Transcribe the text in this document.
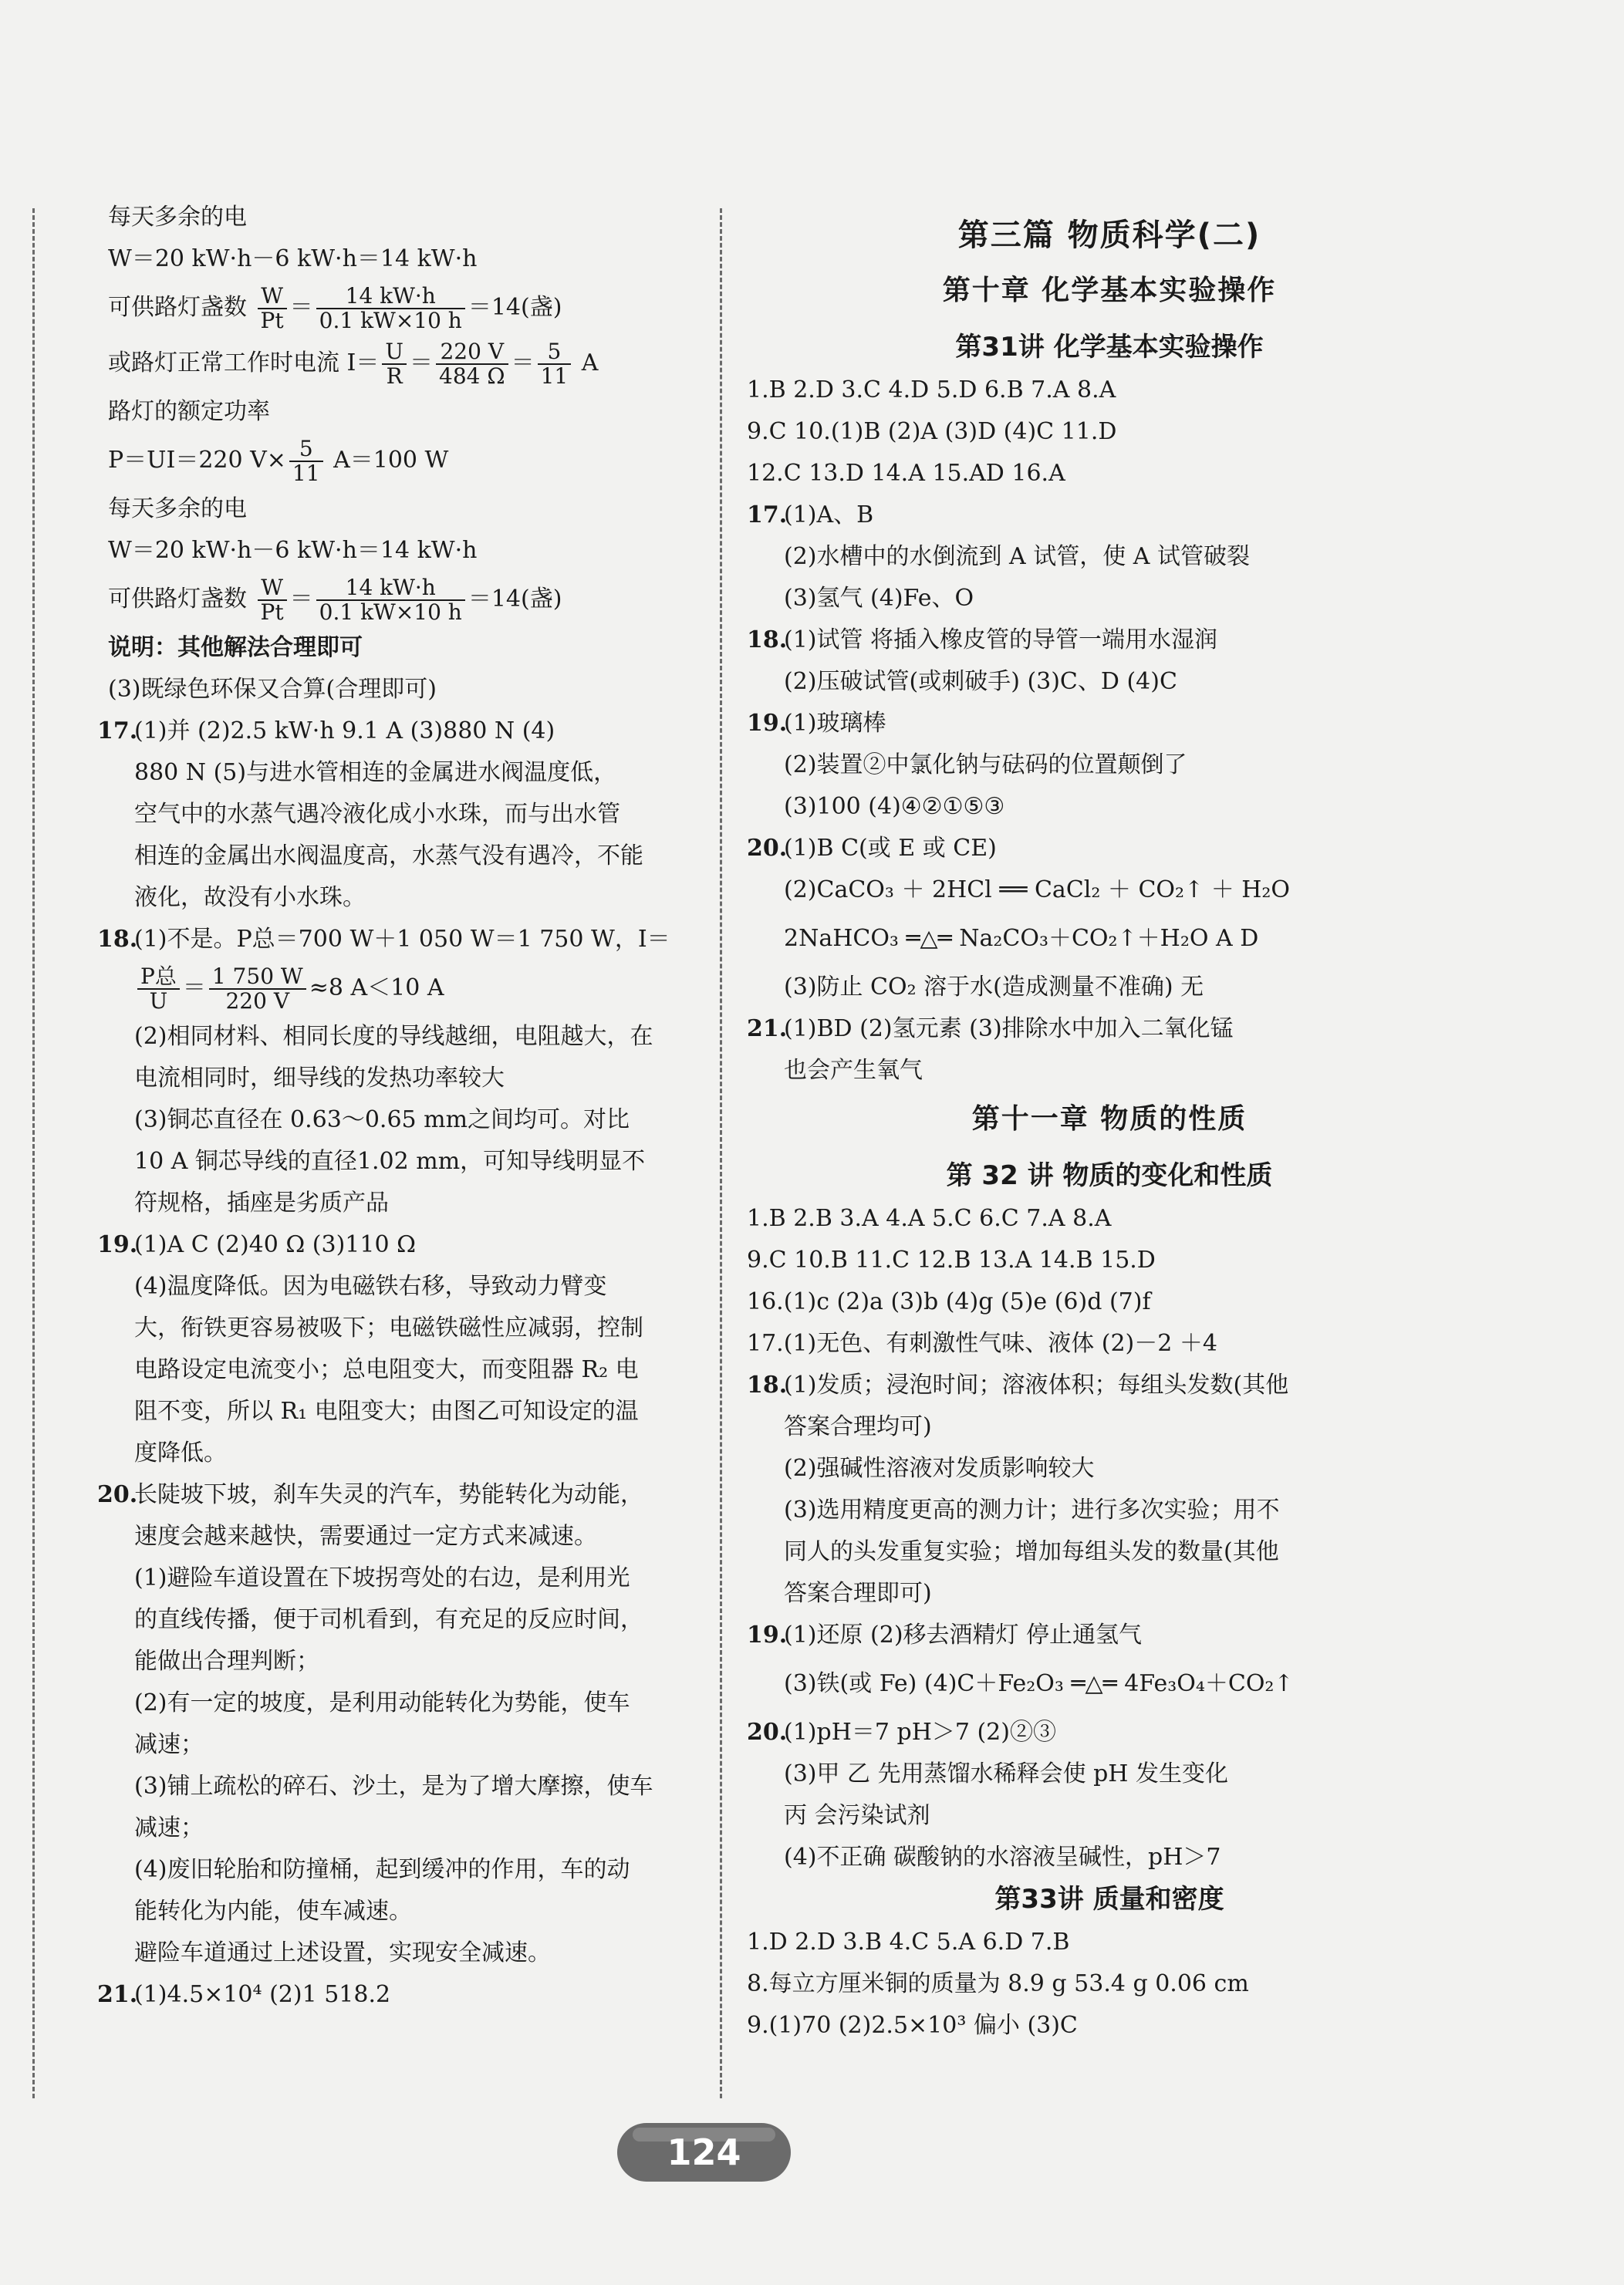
每天多余的电
W＝20 kW·h－6 kW·h＝14 kW·h
可供路灯盏数 $\frac{W}{Pt} = \frac{14 kW\cdot h}{0.1 kW\times 10 h} =14$(盏)
或路灯正常工作时电流 $I= \frac{U}{R} = \frac{220 V}{484 \Omega} = \frac{5}{11}$ A
路灯的额定功率
P＝UI＝220 $V\times \frac{5}{11} A=100$ W
每天多余的电
W＝20 kW·h－6 kW·h＝14 kW·h
可供路灯盏数 $\frac{W}{Pt} = \frac{14 kW\cdot h}{0.1 kW\times 10 h} =14$(盏)
说明：其他解法合理即可
(3)既绿色环保又合算(合理即可)
17.(1)并 (2)2.5 kW·h 9.1 A (3)880 N (4)
880 N (5)与进水管相连的金属进水阀温度低，
空气中的水蒸气遇冷液化成小水珠，而与出水管
相连的金属出水阀温度高，水蒸气没有遇冷，不能
液化，故没有小水珠。
18.(1)不是。P总＝700 W＋1 050 W＝1 750 W，I＝
$\frac{\text{P总}}{U} = \frac{1 750 W}{220 V} \approx 8$ A＜10 A
(2)相同材料、相同长度的导线越细，电阻越大，在
电流相同时，细导线的发热功率较大
(3)铜芯直径在 0.63～0.65 mm之间均可。对比
10 A 铜芯导线的直径1.02 mm，可知导线明显不
符规格，插座是劣质产品
19.(1)A C (2)40 Ω (3)110 Ω
(4)温度降低。因为电磁铁右移，导致动力臂变
大，衔铁更容易被吸下；电磁铁磁性应减弱，控制
电路设定电流变小；总电阻变大，而变阻器 R₂ 电
阻不变，所以 R₁ 电阻变大；由图乙可知设定的温
度降低。
20.长陡坡下坡，刹车失灵的汽车，势能转化为动能，
速度会越来越快，需要通过一定方式来减速。
(1)避险车道设置在下坡拐弯处的右边，是利用光
的直线传播，便于司机看到，有充足的反应时间，
能做出合理判断；
(2)有一定的坡度，是利用动能转化为势能，使车
减速；
(3)铺上疏松的碎石、沙土，是为了增大摩擦，使车
减速；
(4)废旧轮胎和防撞桶，起到缓冲的作用，车的动
能转化为内能，使车减速。
避险车道通过上述设置，实现安全减速。
21.(1)4.5×10⁴ (2)1 518.2
第三篇 物质科学(二)
第十章 化学基本实验操作
第31讲 化学基本实验操作
1.B 2.D 3.C 4.D 5.D 6.B 7.A 8.A
9.C 10.(1)B (2)A (3)D (4)C 11.D
12.C 13.D 14.A 15.AD 16.A
17.(1)A、B
(2)水槽中的水倒流到 A 试管，使 A 试管破裂
(3)氢气 (4)Fe、O
18.(1)试管 将插入橡皮管的导管一端用水湿润
(2)压破试管(或刺破手) (3)C、D (4)C
19.(1)玻璃棒
(2)装置②中氯化钠与砝码的位置颠倒了
(3)100 (4)④②①⑤③
20.(1)B C(或 E 或 CE)
(2)CaCO₃ ＋ 2HCl ══ CaCl₂ ＋ CO₂↑ ＋ H₂O
2NaHCO₃ ═△═ Na₂CO₃＋CO₂↑＋H₂O A D
(3)防止 CO₂ 溶于水(造成测量不准确) 无
21.(1)BD (2)氢元素 (3)排除水中加入二氧化锰
也会产生氧气
第十一章 物质的性质
第 32 讲 物质的变化和性质
1.B 2.B 3.A 4.A 5.C 6.C 7.A 8.A
9.C 10.B 11.C 12.B 13.A 14.B 15.D
16.(1)c (2)a (3)b (4)g (5)e (6)d (7)f
17.(1)无色、有刺激性气味、液体 (2)－2 ＋4
18.(1)发质；浸泡时间；溶液体积；每组头发数(其他
答案合理均可)
(2)强碱性溶液对发质影响较大
(3)选用精度更高的测力计；进行多次实验；用不
同人的头发重复实验；增加每组头发的数量(其他
答案合理即可)
19.(1)还原 (2)移去酒精灯 停止通氢气
(3)铁(或 Fe) (4)C＋Fe₂O₃ ═△═ 4Fe₃O₄＋CO₂↑
20.(1)pH＝7 pH＞7 (2)②③
(3)甲 乙 先用蒸馏水稀释会使 pH 发生变化
丙 会污染试剂
(4)不正确 碳酸钠的水溶液呈碱性，pH＞7
第33讲 质量和密度
1.D 2.D 3.B 4.C 5.A 6.D 7.B
8.每立方厘米铜的质量为 8.9 g 53.4 g 0.06 cm
9.(1)70 (2)2.5×10³ 偏小 (3)C
124
